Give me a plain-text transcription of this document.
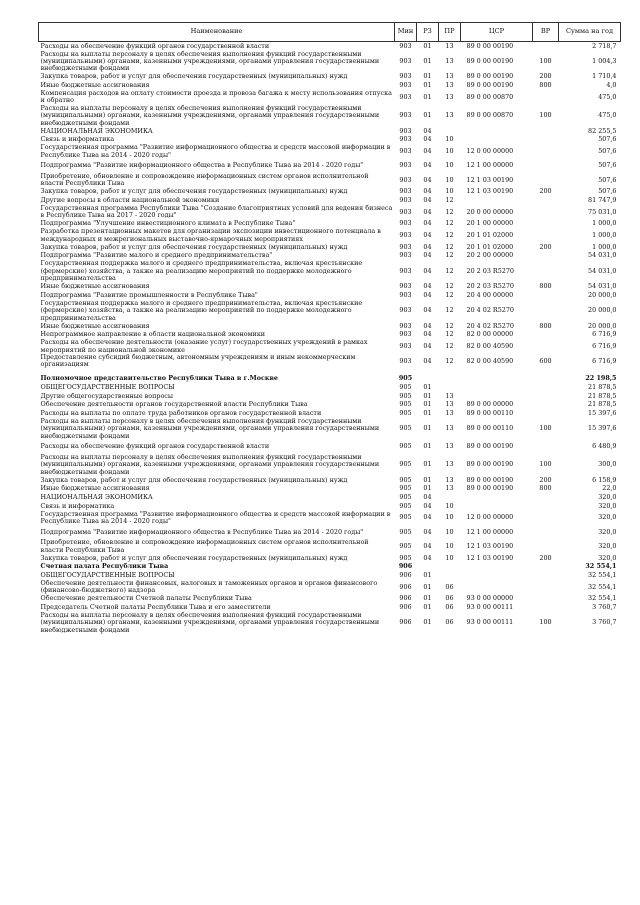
Наименование	Мин	РЗ	ПР	ЦСР	ВР	Сумма на год
Расходы на обеспечение функций органов государственной власти	903	01	13	89 0 00 00190		2 718,7
Расходы на выплаты персоналу в целях обеспечения выполнения функций государственными (муниципальными) органами, казенными учреждениями, органами управления государственными внебюджетными фондами	903	01	13	89 0 00 00190	100	1 004,3
Закупка товаров, работ и услуг для обеспечения государственных (муниципальных) нужд	903	01	13	89 0 00 00190	200	1 710,4
Иные бюджетные ассигнования	903	01	13	89 0 00 00190	800	4,0
Компенсация расходов на оплату стоимости проезда и провоза багажа к месту использования отпуска и обратно	903	01	13	89 0 00 00870		475,0
Расходы на выплаты персоналу в целях обеспечения выполнения функций государственными (муниципальными) органами, казенными учреждениями, органами управления государственными внебюджетными фондами	903	01	13	89 0 00 00870	100	475,0
НАЦИОНАЛЬНАЯ ЭКОНОМИКА	903	04				82 255,5
Связь и информатика	903	04	10			507,6
Государственная программа "Развитие информационного общества и средств массовой информации в Республике Тыва на 2014 - 2020 годы"	903	04	10	12 0 00 00000		507,6
Подпрограмма "Развитие информационного общества в Республике Тыва на 2014 - 2020 годы"	903	04	10	12 1 00 00000		507,6
Приобретение, обновление и сопровождение информационных систем органов исполнительной власти Республики Тыва	903	04	10	12 1 03 00190		507,6
Закупка товаров, работ и услуг для обеспечения государственных (муниципальных) нужд	903	04	10	12 1 03 00190	200	507,6
Другие вопросы в области национальной экономики	903	04	12			81 747,9
Государственная программа Республики Тыва "Создание благоприятных условий для ведения бизнеса в Республике Тыва на 2017 - 2020 годы"	903	04	12	20 0 00 00000		75 031,0
Подпрограмма "Улучшение инвестиционного климата в Республике Тыва"	903	04	12	20 1 00 00000		1 000,0
Разработка презентационных макетов для организации экспозиции инвестиционного потенциала в международных и межрегиональных выставочно-ярмарочных мероприятиях	903	04	12	20 1 01 02000		1 000,0
Закупка товаров, работ и услуг для обеспечения государственных (муниципальных) нужд	903	04	12	20 1 01 02000	200	1 000,0
Подпрограмма "Развитие малого и среднего предпринимательства"	903	04	12	20 2 00 00000		54 031,0
Государственная поддержка малого и среднего предпринимательства, включая крестьянские (фермерские) хозяйства, а также на реализацию мероприятий по поддержке молодежного предпринимательства	903	04	12	20 2 03 R5270		54 031,0
Иные бюджетные ассигнования	903	04	12	20 2 03 R5270	800	54 031,0
Подпрограмма "Развитие промышленности в Республике Тыва"	903	04	12	20 4 00 00000		20 000,0
Государственная поддержка малого и среднего предпринимательства, включая крестьянские (фермерские) хозяйства, а также на реализацию мероприятий по поддержке молодежного предпринимательства	903	04	12	20 4 02 R5270		20 000,0
Иные бюджетные ассигнования	903	04	12	20 4 02 R5270	800	20 000,0
Непрограммное направление в области национальной экономики	903	04	12	82 0 00 00000		6 716,9
Расходы на обеспечение деятельности (оказание услуг) государственных учреждений в рамках мероприятий по национальной экономике	903	04	12	82 0 00 40590		6 716,9
Предоставление субсидий бюджетным, автономным учреждениям и иным некоммерческим организациям	903	04	12	82 0 00 40590	600	6 716,9
Полномочное представительство Республики Тыва в г.Москве	905					22 198,5
ОБЩЕГОСУДАРСТВЕННЫЕ ВОПРОСЫ	905	01				21 878,5
Другие общегосударственные вопросы	905	01	13			21 878,5
Обеспечение деятельности органов государственной власти Республики Тыва	905	01	13	89 0 00 00000		21 878,5
Расходы на выплаты по оплате труда работников органов государственной власти	905	01	13	89 0 00 00110		15 397,6
Расходы на выплаты персоналу в целях обеспечения выполнения функций государственными (муниципальными) органами, казенными учреждениями, органами управления государственными внебюджетными фондами	905	01	13	89 0 00 00110	100	15 397,6
Расходы на обеспечение функций органов государственной власти	905	01	13	89 0 00 00190		6 480,9
Расходы на выплаты персоналу в целях обеспечения выполнения функций государственными (муниципальными) органами, казенными учреждениями, органами управления государственными внебюджетными фондами	905	01	13	89 0 00 00190	100	300,0
Закупка товаров, работ и услуг для обеспечения государственных (муниципальных) нужд	905	01	13	89 0 00 00190	200	6 158,9
Иные бюджетные ассигнования	905	01	13	89 0 00 00190	800	22,0
НАЦИОНАЛЬНАЯ ЭКОНОМИКА	905	04				320,0
Связь и информатика	905	04	10			320,0
Государственная программа "Развитие информационного общества и средств массовой информации в Республике Тыва на 2014 - 2020 годы"	905	04	10	12 0 00 00000		320,0
Подпрограмма "Развитие информационного общества в Республике Тыва на 2014 - 2020 годы"	905	04	10	12 1 00 00000		320,0
Приобретение, обновление и сопровождение информационных систем органов исполнительной власти Республики Тыва	905	04	10	12 1 03 00190		320,0
Закупка товаров, работ и услуг для обеспечения государственных (муниципальных) нужд	905	04	10	12 1 03 00190	200	320,0
Счетная палата Республики Тыва	906					32 554,1
ОБЩЕГОСУДАРСТВЕННЫЕ ВОПРОСЫ	906	01				32 554,1
Обеспечение деятельности финансовых, налоговых и таможенных органов и органов финансового (финансово-бюджетного) надзора	906	01	06			32 554,1
Обеспечение деятельности Счетной палаты Республики Тыва	906	01	06	93 0 00 00000		32 554,1
Председатель Счетной палаты Республики Тыва и его заместители	906	01	06	93 0 00 00111		3 760,7
Расходы на выплаты персоналу в целях обеспечения выполнения функций государственными (муниципальными) органами, казенными учреждениями, органами управления государственными внебюджетными фондами	906	01	06	93 0 00 00111	100	3 760,7
